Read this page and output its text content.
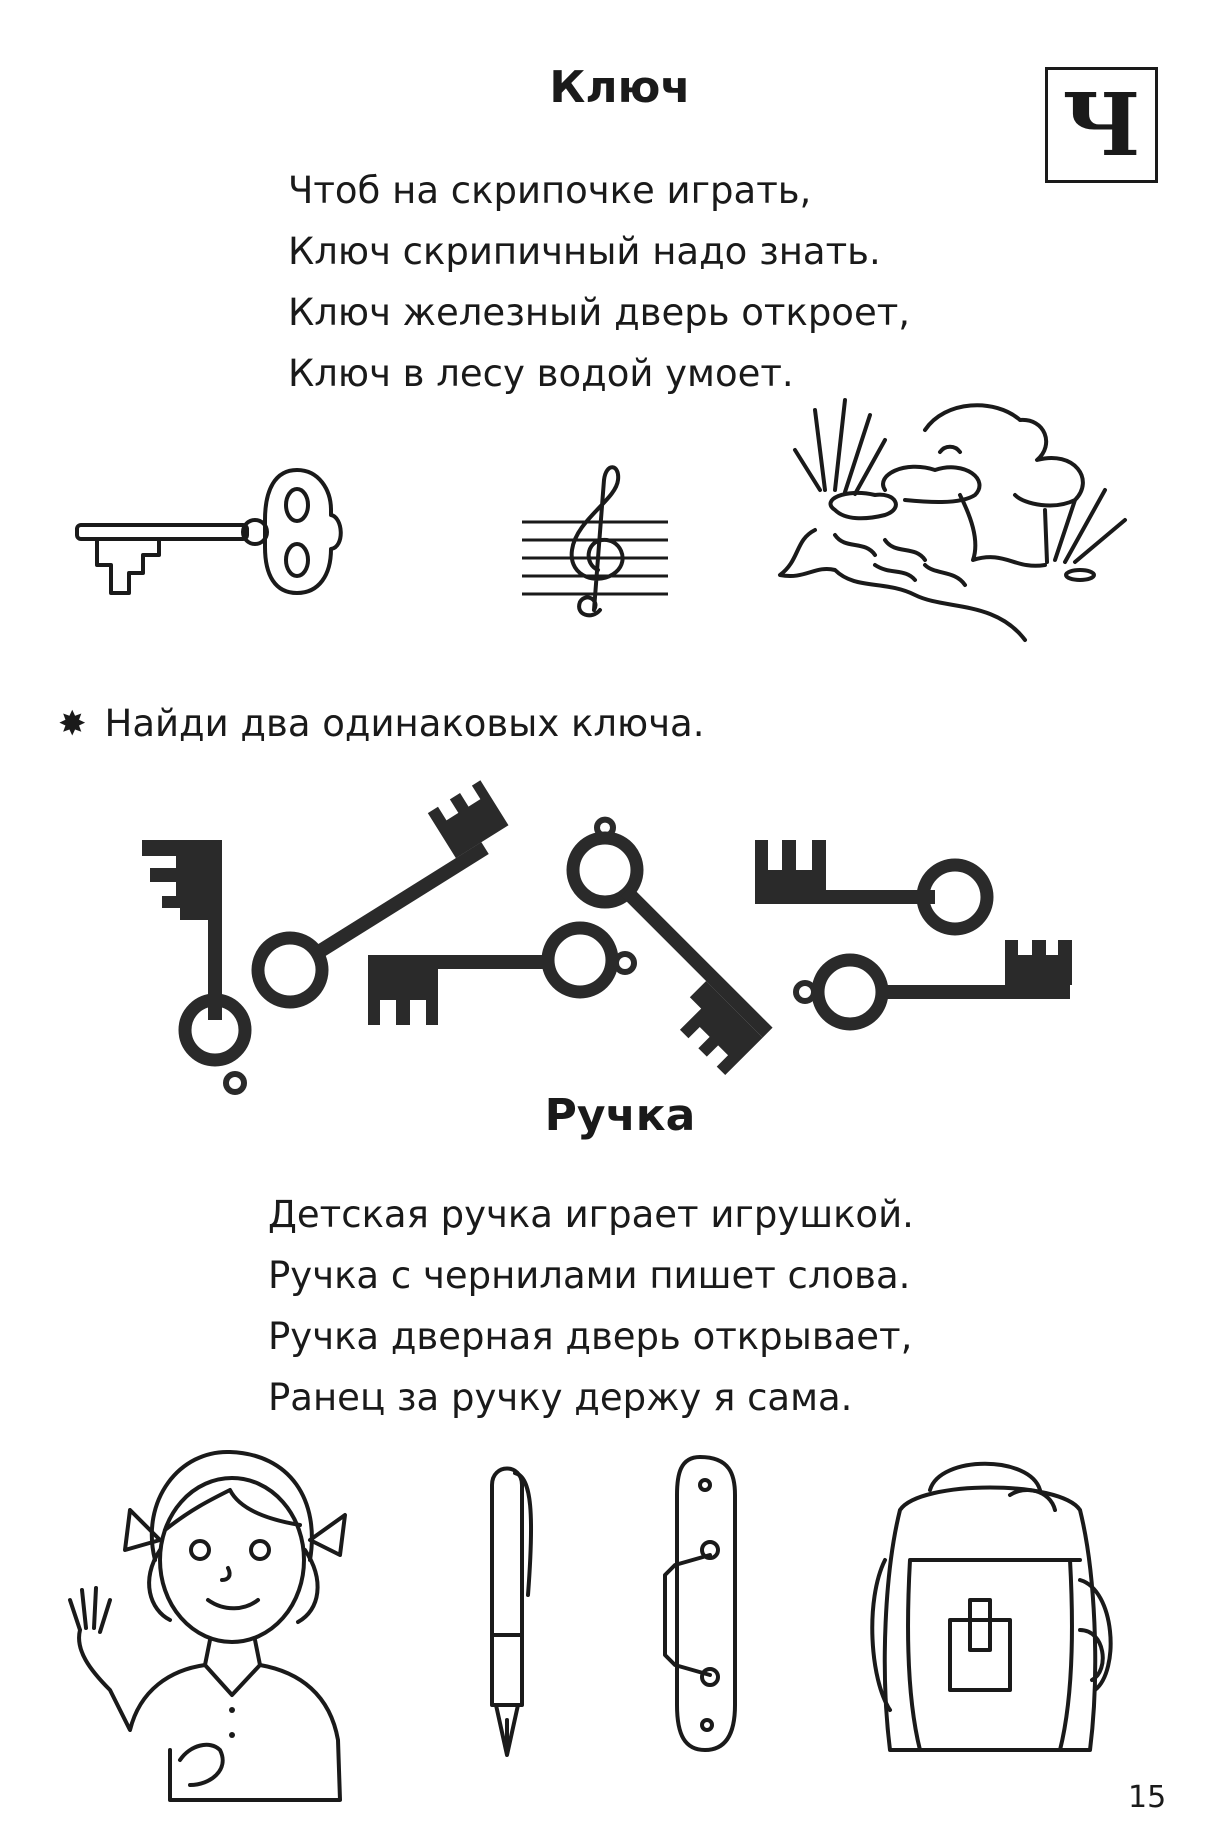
Ч
Ключ
Чтоб на скрипочке играть,
Ключ скрипичный надо знать.
Ключ железный дверь откроет,
Ключ в лесу водой умоет.
✸ Найди два одинаковых ключа.
Ручка
Детская ручка играет игрушкой.
Ручка с чернилами пишет слова.
Ручка дверная дверь открывает,
Ранец за ручку держу я сама.
15
